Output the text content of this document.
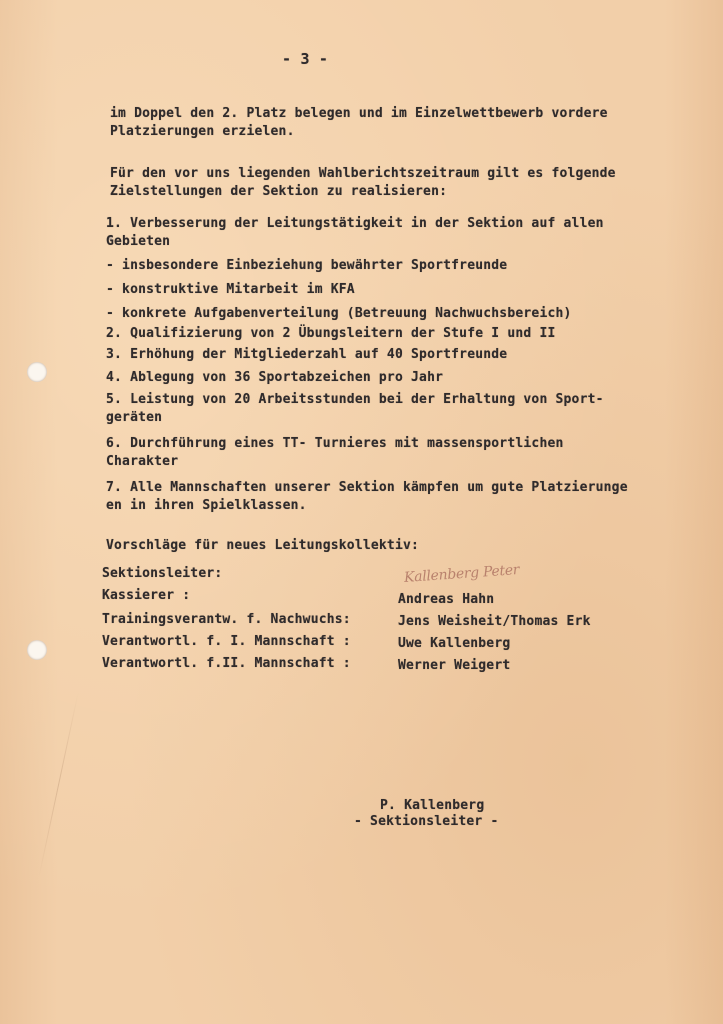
- 3 -
im Doppel den 2. Platz belegen und im Einzelwettbewerb vordere
Platzierungen erzielen.
Für den vor uns liegenden Wahlberichtszeitraum gilt es folgende
Zielstellungen der Sektion zu realisieren:
1. Verbesserung der Leitungstätigkeit in der Sektion auf allen
Gebieten
- insbesondere Einbeziehung bewährter Sportfreunde
- konstruktive Mitarbeit im KFA
- konkrete Aufgabenverteilung (Betreuung Nachwuchsbereich)
2. Qualifizierung von 2 Übungsleitern der Stufe I und II
3. Erhöhung der Mitgliederzahl auf 40 Sportfreunde
4. Ablegung von 36 Sportabzeichen pro Jahr
5. Leistung von 20 Arbeitsstunden bei der Erhaltung von Sport-
geräten
6. Durchführung eines TT- Turnieres mit massensportlichen
Charakter
7. Alle Mannschaften unserer Sektion kämpfen um gute Platzierunge
en in ihren Spielklassen.
Vorschläge für neues Leitungskollektiv:
Sektionsleiter:	Kallenberg Peter
Kassierer :	Andreas Hahn
Trainingsverantw. f. Nachwuchs:	Jens Weisheit/Thomas Erk
Verantwortl. f. I. Mannschaft :	Uwe Kallenberg
Verantwortl. f.II. Mannschaft :	Werner Weigert
P. Kallenberg
- Sektionsleiter -
